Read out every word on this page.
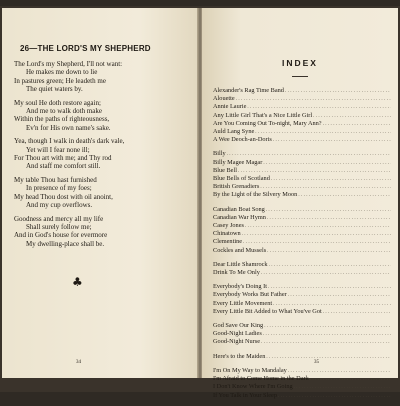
26—THE LORD'S MY SHEPHERD
The Lord's my Shepherd, I'll not want:
He makes me down to lie
In pastures green; He leadeth me
The quiet waters by.
My soul He doth restore again;
And me to walk doth make
Within the paths of righteousness,
Ev'n for His own name's sake.
Yea, though I walk in death's dark vale,
Yet will I fear none ill;
For Thou art with me; and Thy rod
And staff me comfort still.
My table Thou hast furnished
In presence of my foes;
My head Thou dost with oil anoint,
And my cup overflows.
Goodness and mercy all my life
Shall surely follow me;
And in God's house for evermore
My dwelling-place shall be.
♣
34
INDEX
Alexander's Rag Time Band
.....
Alouette
.....
Annie Laurie
.....
Any Little Girl That's a Nice Little Girl
.....
Are You Coming Out To-night, Mary Ann?
.....
Auld Lang Syne
.....
A Wee Deoch-an-Doris
.....
Billy
.....
Billy Magee Magar
.....
Blue Bell
.....
Blue Bells of Scotland
.....
British Grenadiers
.....
By the Light of the Silvery Moon
.....
Canadian Boat Song
.....
Canadian War Hymn
.....
Casey Jones
.....
Chinatown
.....
Clementine
.....
Cockles and Mussels
.....
Dear Little Shamrock
.....
Drink To Me Only
.....
Everybody's Doing It
.....
Everybody Works But Father
.....
Every Little Movement
.....
Every Little Bit Added to What You've Got
.....
God Save Our King
.....
Good-Night Ladies
.....
Good-Night Nurse
.....
Here's to the Maiden
.....
I'm On My Way to Mandalay
.....
I'm Afraid to Come Home in the Dark
.....
I Don't Know Where I'm Going
.....
If You Talk in Your Sleep
.....
35
